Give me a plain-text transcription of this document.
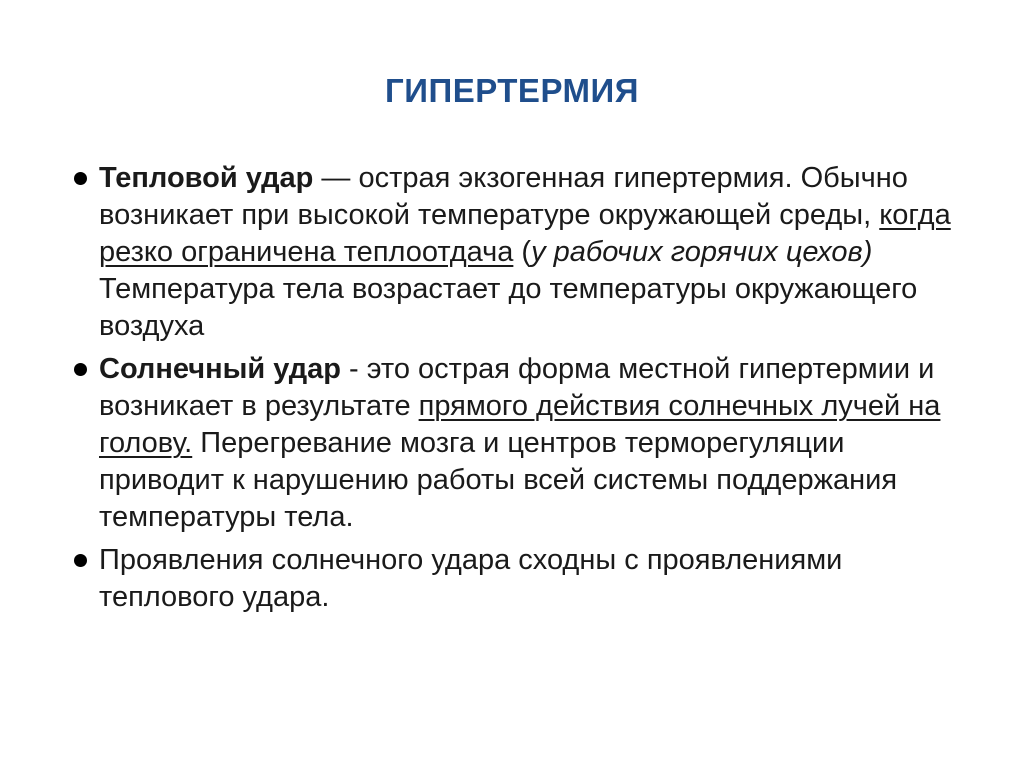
ГИПЕРТЕРМИЯ
Тепловой удар — острая экзогенная гипертермия. Обычно возникает при высокой температуре окружающей среды, когда резко ограничена теплоотдача (у рабочих горячих цехов) Температура тела возрастает до температуры окружающего воздуха
Солнечный удар - это острая форма местной гипертермии и возникает в результате прямого действия солнечных лучей на голову. Перегревание мозга и центров терморегуляции приводит к нарушению работы всей системы поддержания температуры тела.
Проявления солнечного удара сходны с проявлениями теплового удара.
